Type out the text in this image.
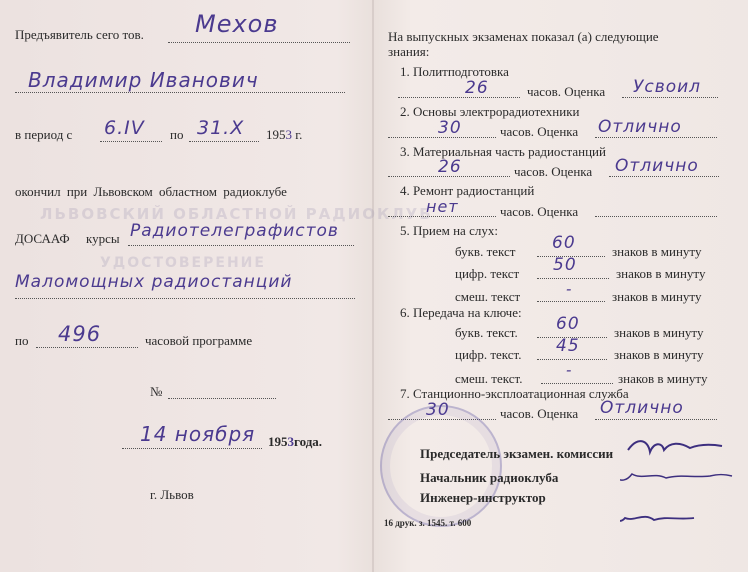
ЛЬВОВСКИЙ ОБЛАСТНОЙ РАДИОКЛУБ
УДОСТОВЕРЕНИЕ
Предъявитель сего тов. Мехов
Владимир Иванович
в период с 6.IV по 31.X 1953 г.
окончил при Львовском областном радиоклубе
ДОСААФ курсы Радиотелеграфистов
Маломощных радиостанций
по 496	часовой программе
№
14 ноября 1953года.
г. Львов
На выпускных экзаменах показал (а) следующие
знания:
1. Политподготовка
26	часов. Оценка Усвоил
2. Основы электрорадиотехники
30	часов. Оценка Отлично
3. Материальная часть радиостанций
26	часов. Оценка Отлично
4. Ремонт радиостанций
нет	часов. Оценка
5. Прием на слух:
букв. текст 60	знаков в минуту
цифр. текст 50	знаков в минуту
смеш. текст	-	знаков в минуту
6. Передача на ключе:
букв. текст. 60	знаков в минуту
цифр. текст. 45	знаков в минуту
смеш. текст.	-	знаков в минуту
7. Станционно-эксплоатационная служба
30	часов. Оценка Отлично
Председатель экзамен. комиссии
Начальник радиоклуба
Инженер-инструктор
16 друк. з. 1545. т. 600
